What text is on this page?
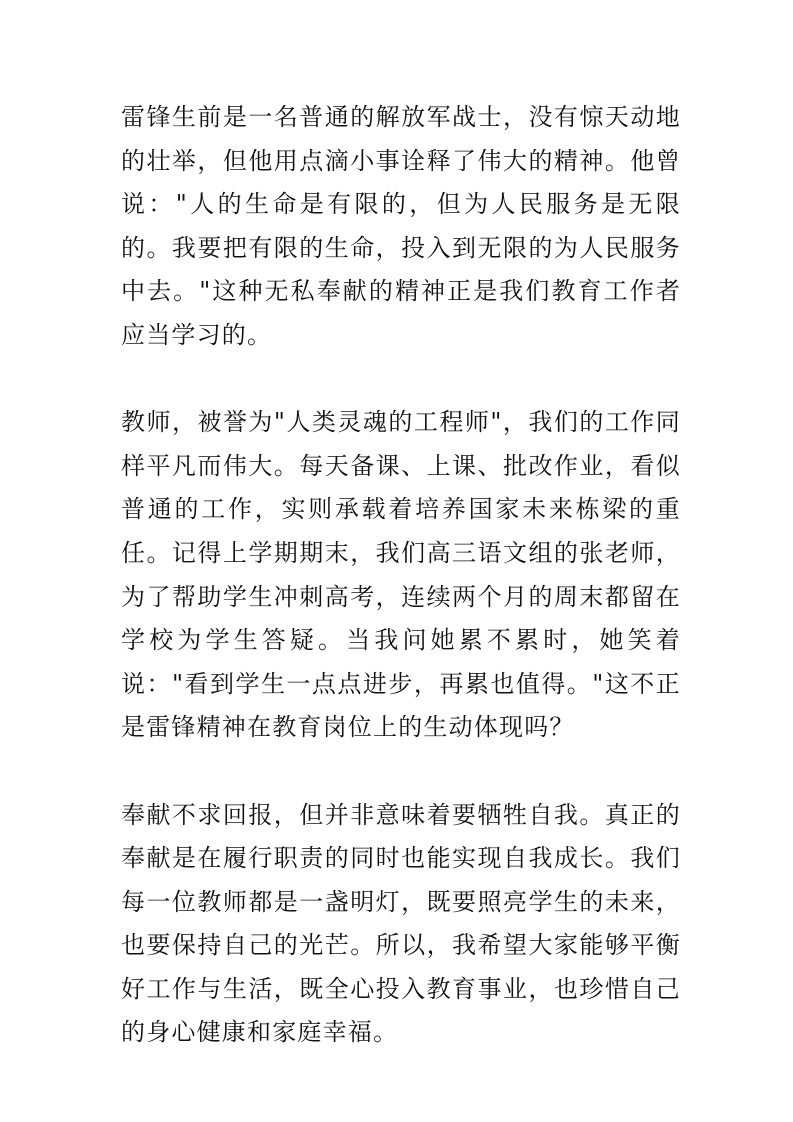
雷锋生前是一名普通的解放军战士，没有惊天动地的壮举，但他用点滴小事诠释了伟大的精神。他曾说："人的生命是有限的，但为人民服务是无限的。我要把有限的生命，投入到无限的为人民服务中去。"这种无私奉献的精神正是我们教育工作者应当学习的。

教师，被誉为"人类灵魂的工程师"，我们的工作同样平凡而伟大。每天备课、上课、批改作业，看似普通的工作，实则承载着培养国家未来栋梁的重任。记得上学期期末，我们高三语文组的张老师，为了帮助学生冲刺高考，连续两个月的周末都留在学校为学生答疑。当我问她累不累时，她笑着说："看到学生一点点进步，再累也值得。"这不正是雷锋精神在教育岗位上的生动体现吗？

奉献不求回报，但并非意味着要牺牲自我。真正的奉献是在履行职责的同时也能实现自我成长。我们每一位教师都是一盏明灯，既要照亮学生的未来，也要保持自己的光芒。所以，我希望大家能够平衡好工作与生活，既全心投入教育事业，也珍惜自己的身心健康和家庭幸福。
